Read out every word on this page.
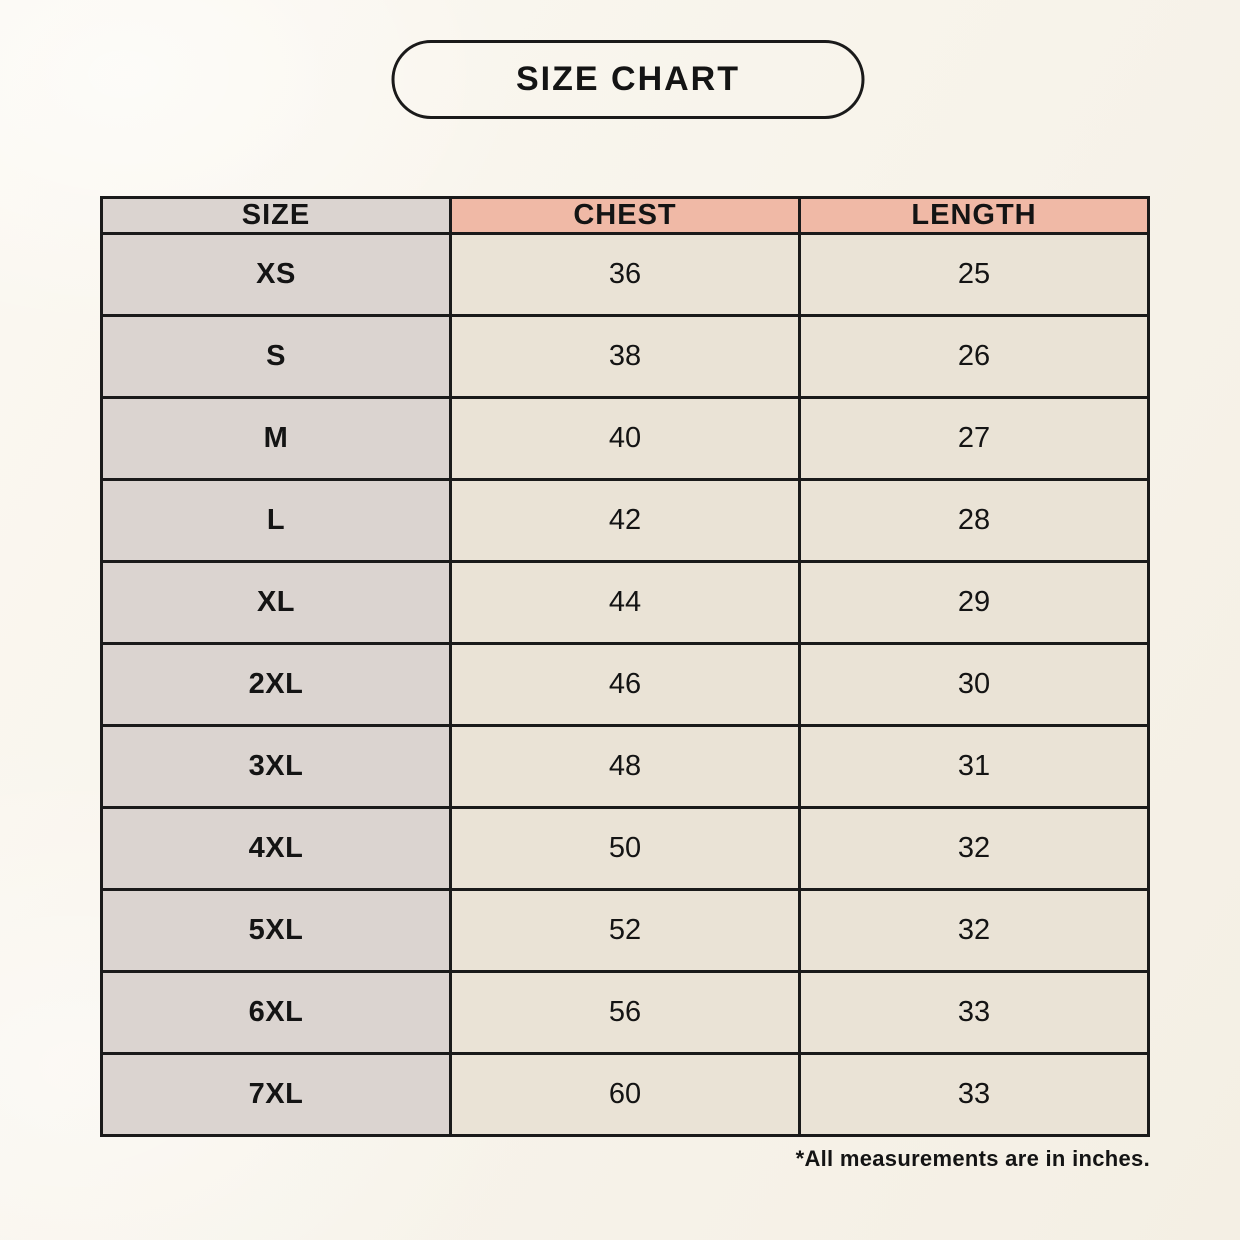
SIZE CHART
SIZE	CHEST	LENGTH
XS	36	25
S	38	26
M	40	27
L	42	28
XL	44	29
2XL	46	30
3XL	48	31
4XL	50	32
5XL	52	32
6XL	56	33
7XL	60	33
*All measurements are in inches.
